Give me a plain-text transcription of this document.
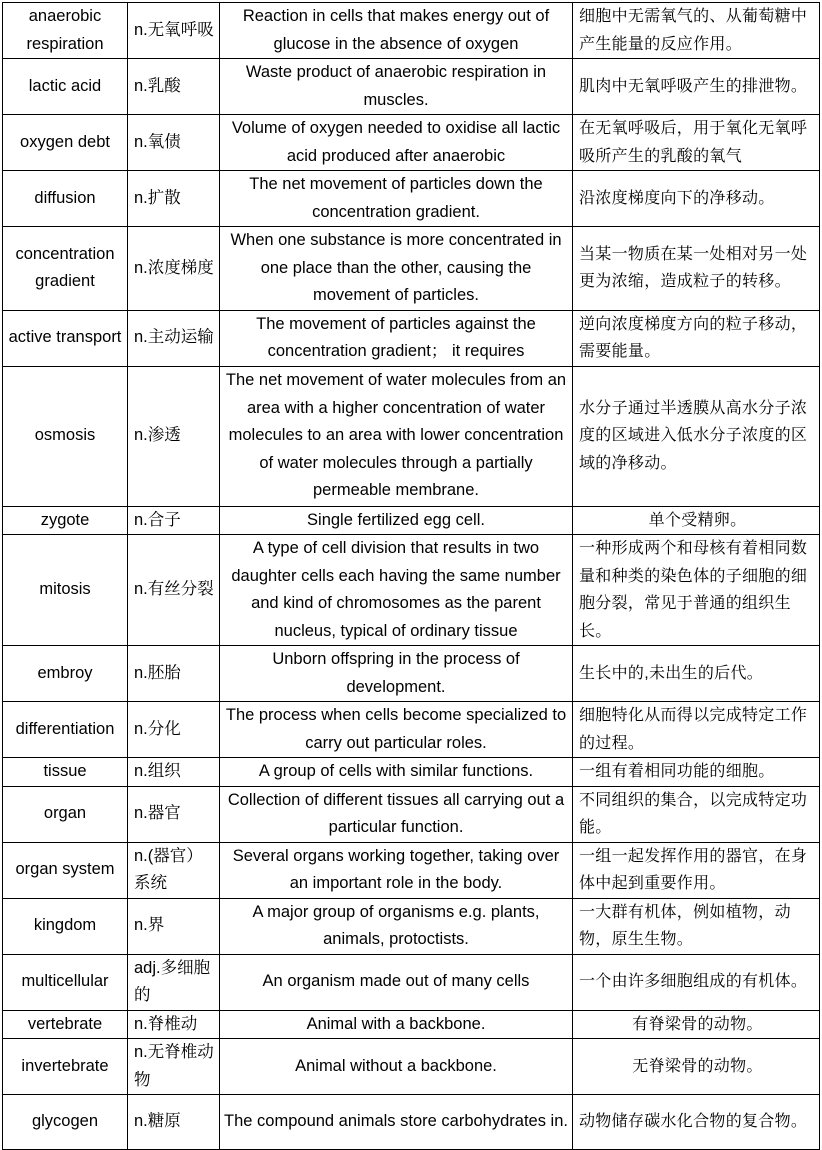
anaerobic respiration	n.无氧呼吸	Reaction in cells that makes energy out of glucose in the absence of oxygen	细胞中无需氧气的、从葡萄糖中产生能量的反应作用。
lactic acid	n.乳酸	Waste product of anaerobic respiration in muscles.	肌肉中无氧呼吸产生的排泄物。
oxygen debt	n.氧债	Volume of oxygen needed to oxidise all lactic acid produced after anaerobic	在无氧呼吸后，用于氧化无氧呼吸所产生的乳酸的氧气
diffusion	n.扩散	The net movement of particles down the concentration gradient.	沿浓度梯度向下的净移动。
concentration gradient	n.浓度梯度	When one substance is more concentrated in one place than the other, causing the movement of particles.	当某一物质在某一处相对另一处更为浓缩，造成粒子的转移。
active transport	n.主动运输	The movement of particles against the concentration gradient； it requires	逆向浓度梯度方向的粒子移动，需要能量。
osmosis	n.渗透	The net movement of water molecules from an area with a higher concentration of water molecules to an area with lower concentration of water molecules through a partially permeable membrane.	水分子通过半透膜从高水分子浓度的区域进入低水分子浓度的区域的净移动。
zygote	n.合子	Single fertilized egg cell.	单个受精卵。
mitosis	n.有丝分裂	A type of cell division that results in two daughter cells each having the same number and kind of chromosomes as the parent nucleus, typical of ordinary tissue	一种形成两个和母核有着相同数量和种类的染色体的子细胞的细胞分裂，常见于普通的组织生长。
embroy	n.胚胎	Unborn offspring in the process of development.	生长中的,未出生的后代。
differentiation	n.分化	The process when cells become specialized to carry out particular roles.	细胞特化从而得以完成特定工作的过程。
tissue	n.组织	A group of cells with similar functions.	一组有着相同功能的细胞。
organ	n.器官	Collection of different tissues all carrying out a particular function.	不同组织的集合，以完成特定功能。
organ system	n.(器官）系统	Several organs working together, taking over an important role in the body.	一组一起发挥作用的器官，在身体中起到重要作用。
kingdom	n.界	A major group of organisms e.g. plants, animals, protoctists.	一大群有机体，例如植物，动物，原生生物。
multicellular	adj.多细胞的	An organism made out of many cells	一个由许多细胞组成的有机体。
vertebrate	n.脊椎动	Animal with a backbone.	有脊梁骨的动物。
invertebrate	n.无脊椎动物	Animal without a backbone.	无脊梁骨的动物。
glycogen	n.糖原	The compound animals store carbohydrates in.	动物储存碳水化合物的复合物。
